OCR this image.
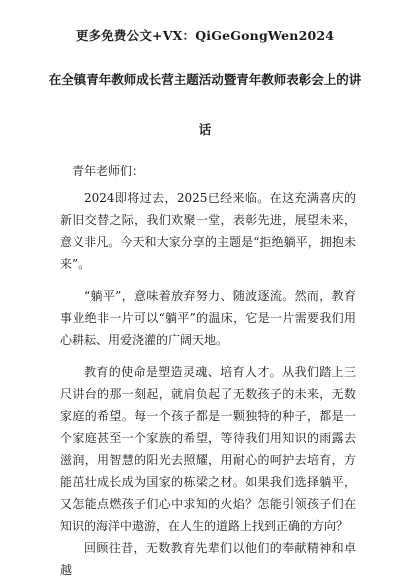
更多免费公文+VX：QiGeGongWen2024
在全镇青年教师成长营主题活动暨青年教师表彰会上的讲
话

青年老师们：

2024即将过去，2025已经来临。在这充满喜庆的新旧交替之际，我们欢聚一堂，表彰先进，展望未来，意义非凡。今天和大家分享的主题是“拒绝躺平，拥抱未来”。

“躺平”，意味着放弃努力、随波逐流。然而，教育事业绝非一片可以“躺平”的温床，它是一片需要我们用心耕耘、用爱浇灌的广阔天地。

教育的使命是塑造灵魂、培育人才。从我们踏上三尺讲台的那一刻起，就肩负起了无数孩子的未来，无数家庭的希望。每一个孩子都是一颗独特的种子，都是一个家庭甚至一个家族的希望，等待我们用知识的雨露去滋润，用智慧的阳光去照耀，用耐心的呵护去培育，方能茁壮成长成为国家的栋梁之材。如果我们选择躺平，又怎能点燃孩子们心中求知的火焰？怎能引领孩子们在知识的海洋中遨游，在人生的道路上找到正确的方向？

回顾往昔，无数教育先辈们以他们的奉献精神和卓越
